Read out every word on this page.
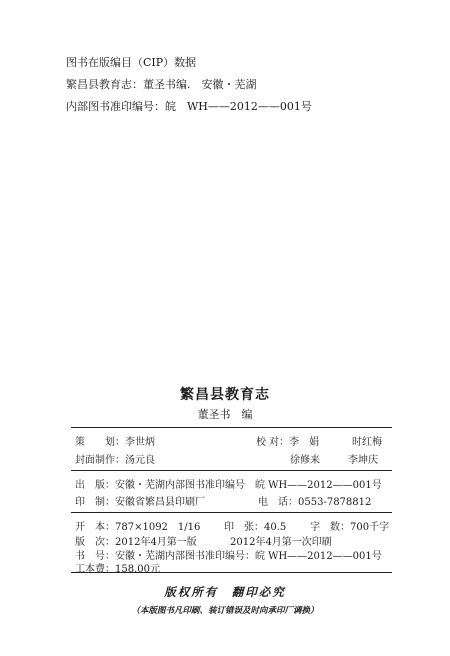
图书在版编目（CIP）数据
繁昌县教育志：董圣书编.　安徽・芜湖
内部图书准印编号：皖　WH——2012——001号
繁昌县教育志
董圣书　编
策　　划：李世炳	校 对：李　娟	时红梅
封面制作：汤元良	徐修来	李坤庆
出　版：安徽・芜湖内部图书准印编号　皖 WH——2012——001号
印　制：安徽省繁昌县印刷厂	电　话：0553-7878812
开　本：787×1092　1/16 印　张：40.5 字　数：700千字
版　次：2012年4月第一版	2012年4月第一次印刷
书　号：安徽・芜湖内部图书准印编号：皖 WH——2012——001号
工本费：158.00元
版权所有　翻印必究
（本版图书凡印刷、装订错误及时向承印厂调换）
